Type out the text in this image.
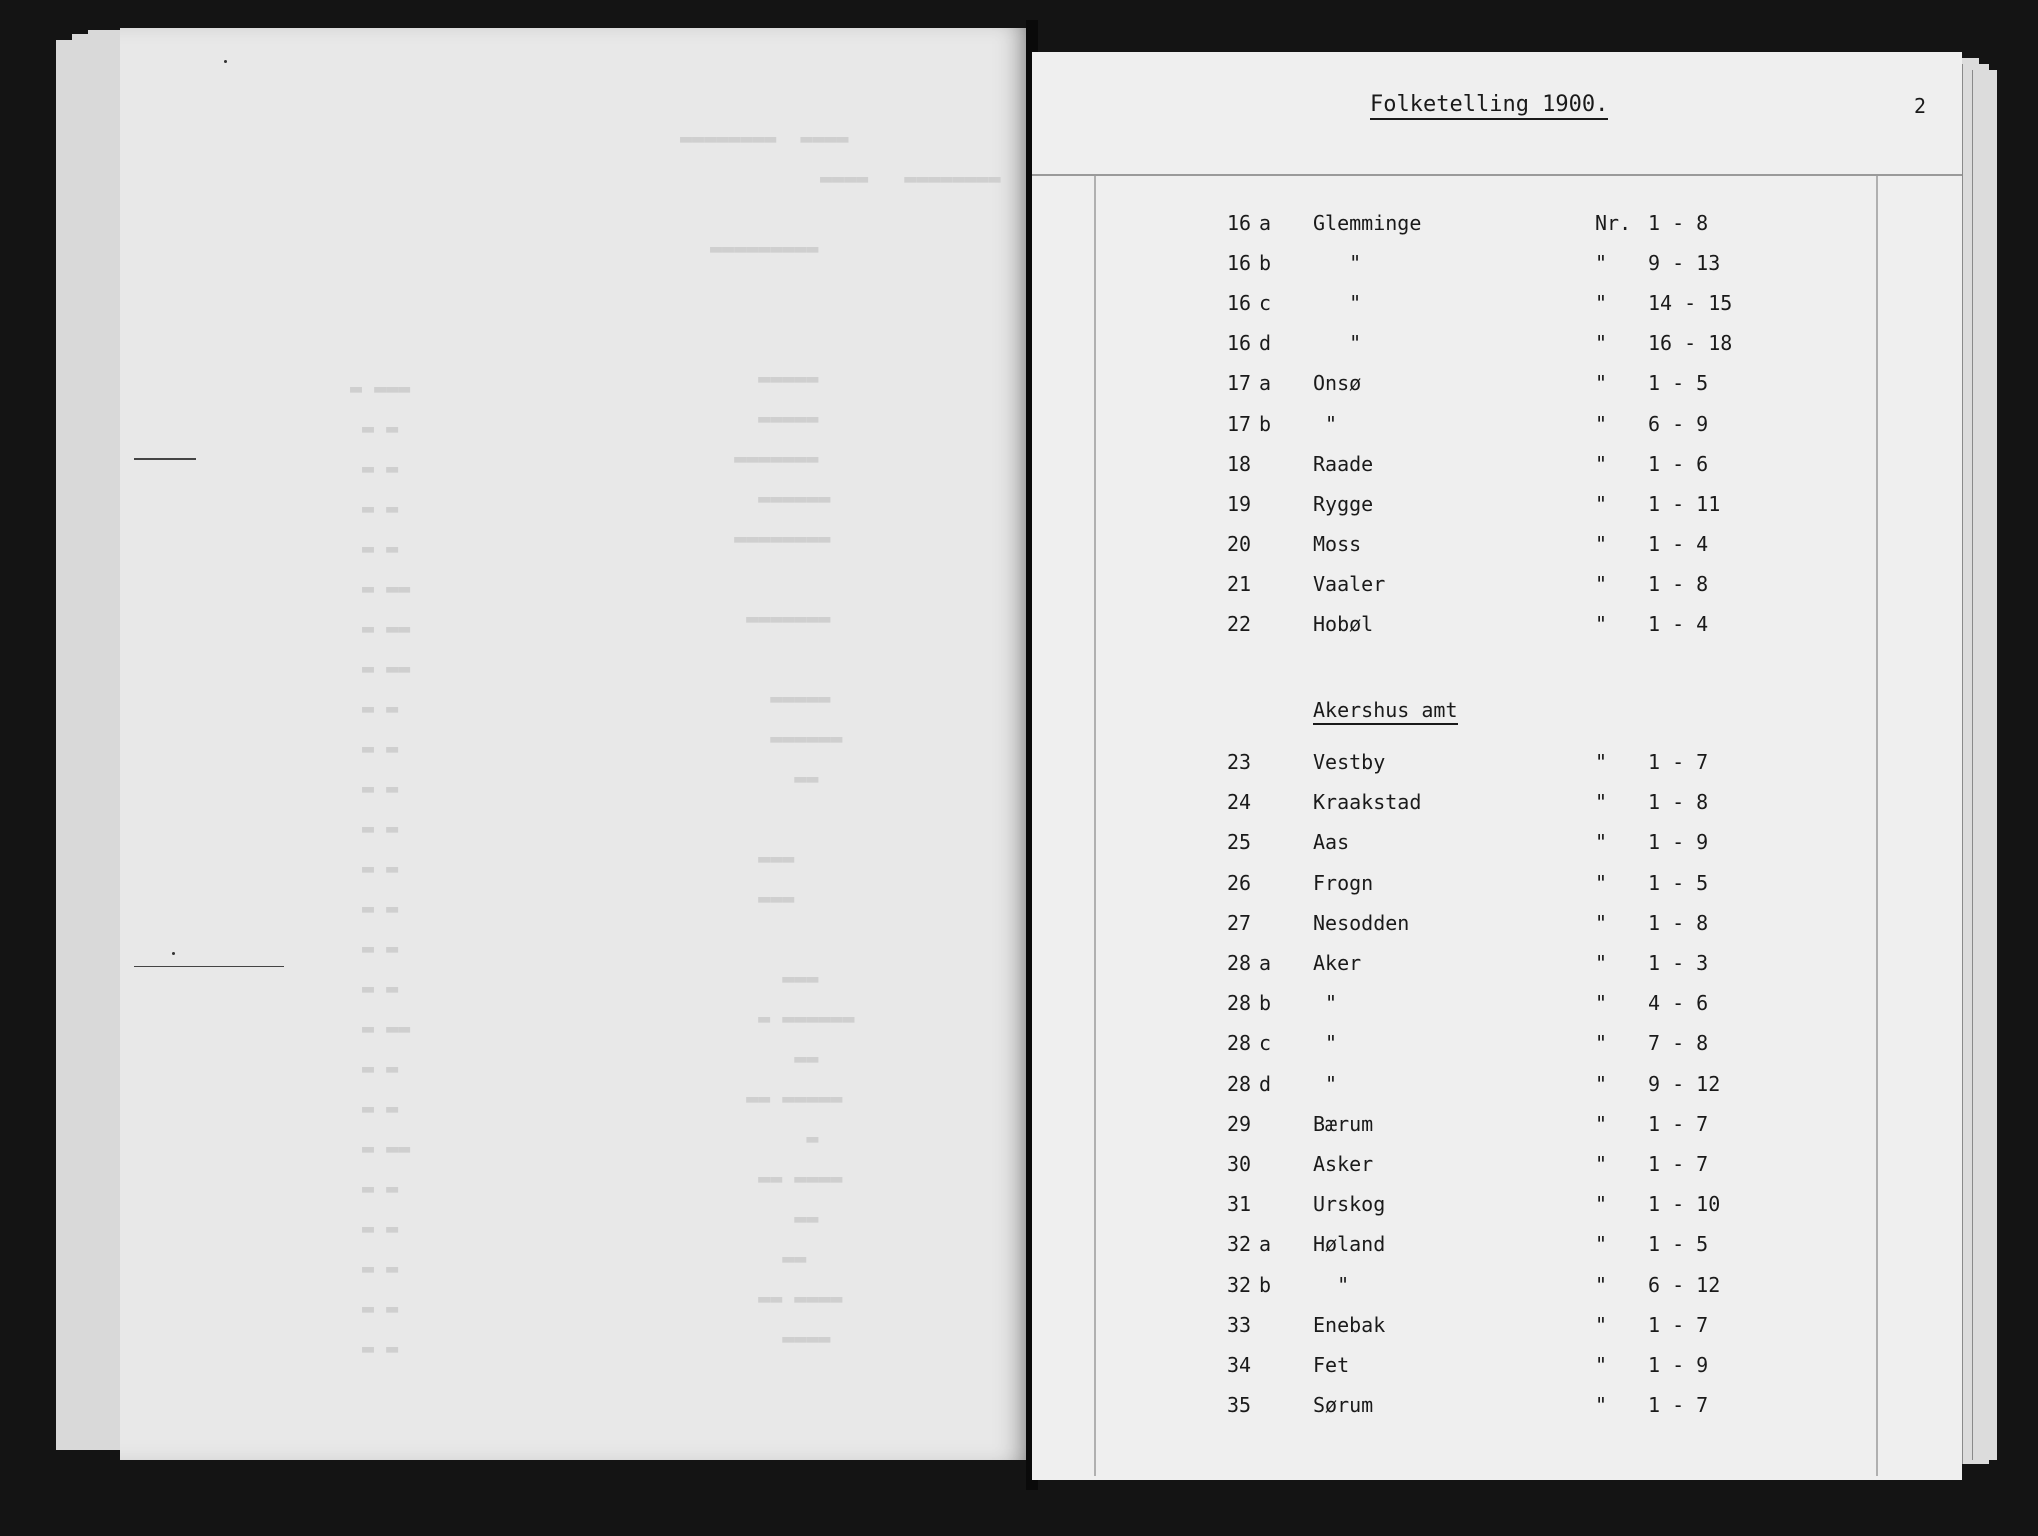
▬▬▬▬   ▬▬▬▬▬▬▬▬
▬▬▬▬▬▬▬▬  ▬▬▬▬
▬▬▬▬▬▬▬▬▬
▬▬▬▬▬
▬▬▬▬▬
▬▬▬▬▬▬▬
▬▬▬▬▬▬
▬▬▬▬▬▬▬▬

▬▬▬▬▬▬▬

▬▬▬▬▬
▬▬▬▬▬▬
▬▬

▬▬▬
▬▬▬

▬▬▬
▬ ▬▬▬▬▬▬
▬▬
▬▬ ▬▬▬▬▬
▬
▬▬ ▬▬▬▬
▬▬
▬▬
▬▬ ▬▬▬▬
▬▬▬▬
▬ ▬▬▬
▬ ▬
▬ ▬
▬ ▬
▬ ▬
▬ ▬▬
▬ ▬▬
▬ ▬▬
▬ ▬
▬ ▬
▬ ▬
▬ ▬
▬ ▬
▬ ▬
▬ ▬
▬ ▬
▬ ▬▬
▬ ▬
▬ ▬
▬ ▬▬
▬ ▬
▬ ▬
▬ ▬
▬ ▬
▬ ▬
Folketelling 1900.	2
16 a Glemminge	Nr. 1 - 8
16 b "	" 9 - 13
16 c "	" 14 - 15
16 d "	" 16 - 18
17 a Onsø	" 1 - 5
17 b "	" 6 - 9
18	Raade	" 1 - 6
19	Rygge	" 1 - 11
20	Moss	" 1 - 4
21	Vaaler	" 1 - 8
22	Hobøl	" 1 - 4
Akershus amt
23	Vestby	" 1 - 7
24	Kraakstad	" 1 - 8
25	Aas	" 1 - 9
26	Frogn	" 1 - 5
27	Nesodden	" 1 - 8
28 a Aker	" 1 - 3
28 b "	" 4 - 6
28 c "	" 7 - 8
28 d "	" 9 - 12
29	Bærum	" 1 - 7
30	Asker	" 1 - 7
31	Urskog	" 1 - 10
32 a Høland	" 1 - 5
32 b "	" 6 - 12
33	Enebak	" 1 - 7
34	Fet	" 1 - 9
35	Sørum	" 1 - 7
